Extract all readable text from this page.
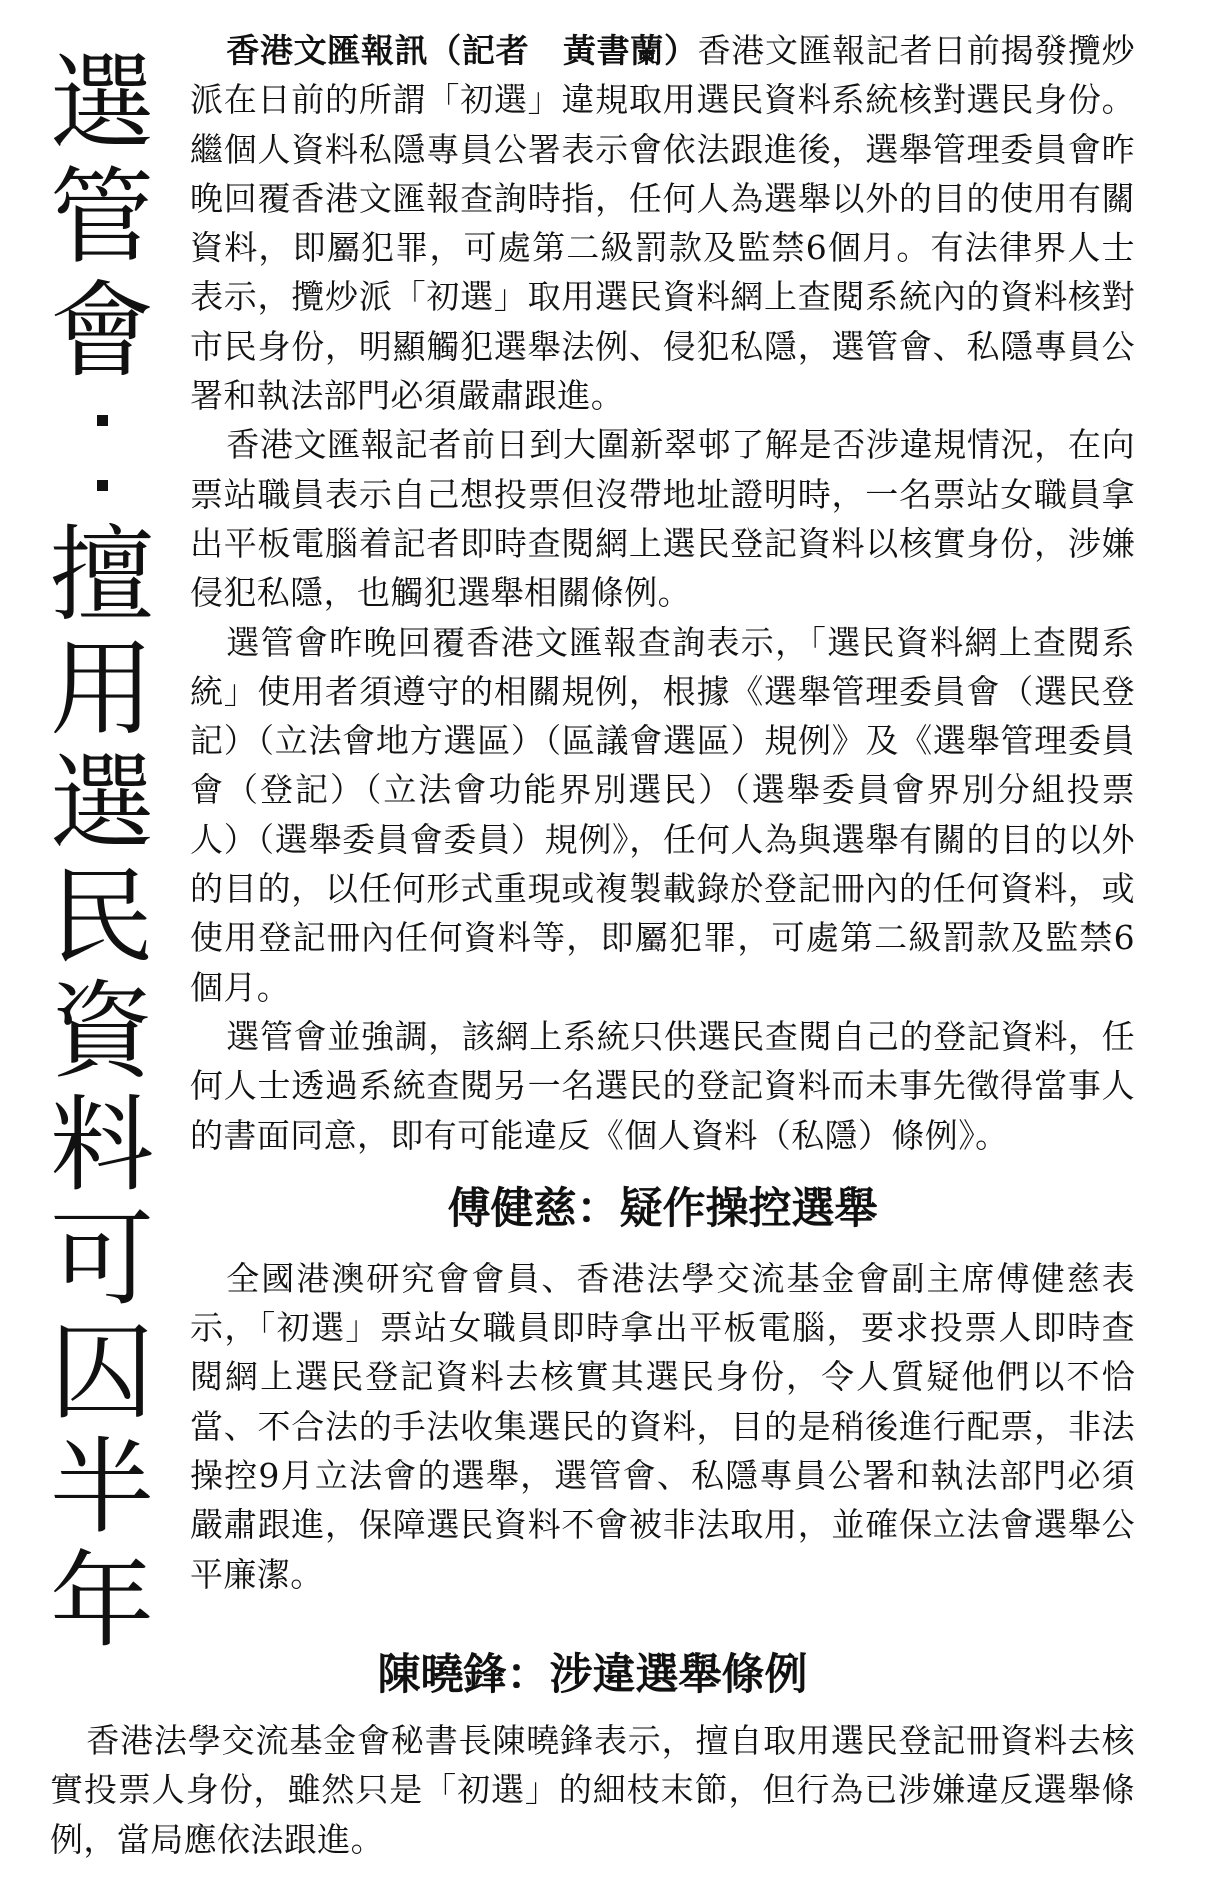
選
管
會
擅
用
選
民
資
料
可
囚
半
年

香港文匯報訊（記者　黃書蘭）香港文匯報記者日前揭發攬炒派在日前的所謂「初選」違規取用選民資料系統核對選民身份。繼個人資料私隱專員公署表示會依法跟進後，選舉管理委員會昨晚回覆香港文匯報查詢時指，任何人為選舉以外的目的使用有關資料，即屬犯罪，可處第二級罰款及監禁6個月。有法律界人士表示，攬炒派「初選」取用選民資料網上查閱系統內的資料核對市民身份，明顯觸犯選舉法例、侵犯私隱，選管會、私隱專員公署和執法部門必須嚴肅跟進。

香港文匯報記者前日到大圍新翠邨了解是否涉違規情況，在向票站職員表示自己想投票但沒帶地址證明時，一名票站女職員拿出平板電腦着記者即時查閱網上選民登記資料以核實身份，涉嫌侵犯私隱，也觸犯選舉相關條例。

選管會昨晚回覆香港文匯報查詢表示，「選民資料網上查閱系統」使用者須遵守的相關規例，根據《選舉管理委員會（選民登記）（立法會地方選區）（區議會選區）規例》及《選舉管理委員會（登記）（立法會功能界別選民）（選舉委員會界別分組投票人）（選舉委員會委員）規例》，任何人為與選舉有關的目的以外的目的，以任何形式重現或複製載錄於登記冊內的任何資料，或使用登記冊內任何資料等，即屬犯罪，可處第二級罰款及監禁6個月。

選管會並強調，該網上系統只供選民查閱自己的登記資料，任何人士透過系統查閱另一名選民的登記資料而未事先徵得當事人的書面同意，即有可能違反《個人資料（私隱）條例》。

傅健慈：疑作操控選舉

全國港澳研究會會員、香港法學交流基金會副主席傅健慈表示，「初選」票站女職員即時拿出平板電腦，要求投票人即時查閱網上選民登記資料去核實其選民身份，令人質疑他們以不恰當、不合法的手法收集選民的資料，目的是稍後進行配票，非法操控9月立法會的選舉，選管會、私隱專員公署和執法部門必須嚴肅跟進，保障選民資料不會被非法取用，並確保立法會選舉公平廉潔。

陳曉鋒：涉違選舉條例

香港法學交流基金會秘書長陳曉鋒表示，擅自取用選民登記冊資料去核實投票人身份，雖然只是「初選」的細枝末節，但行為已涉嫌違反選舉條例，當局應依法跟進。
